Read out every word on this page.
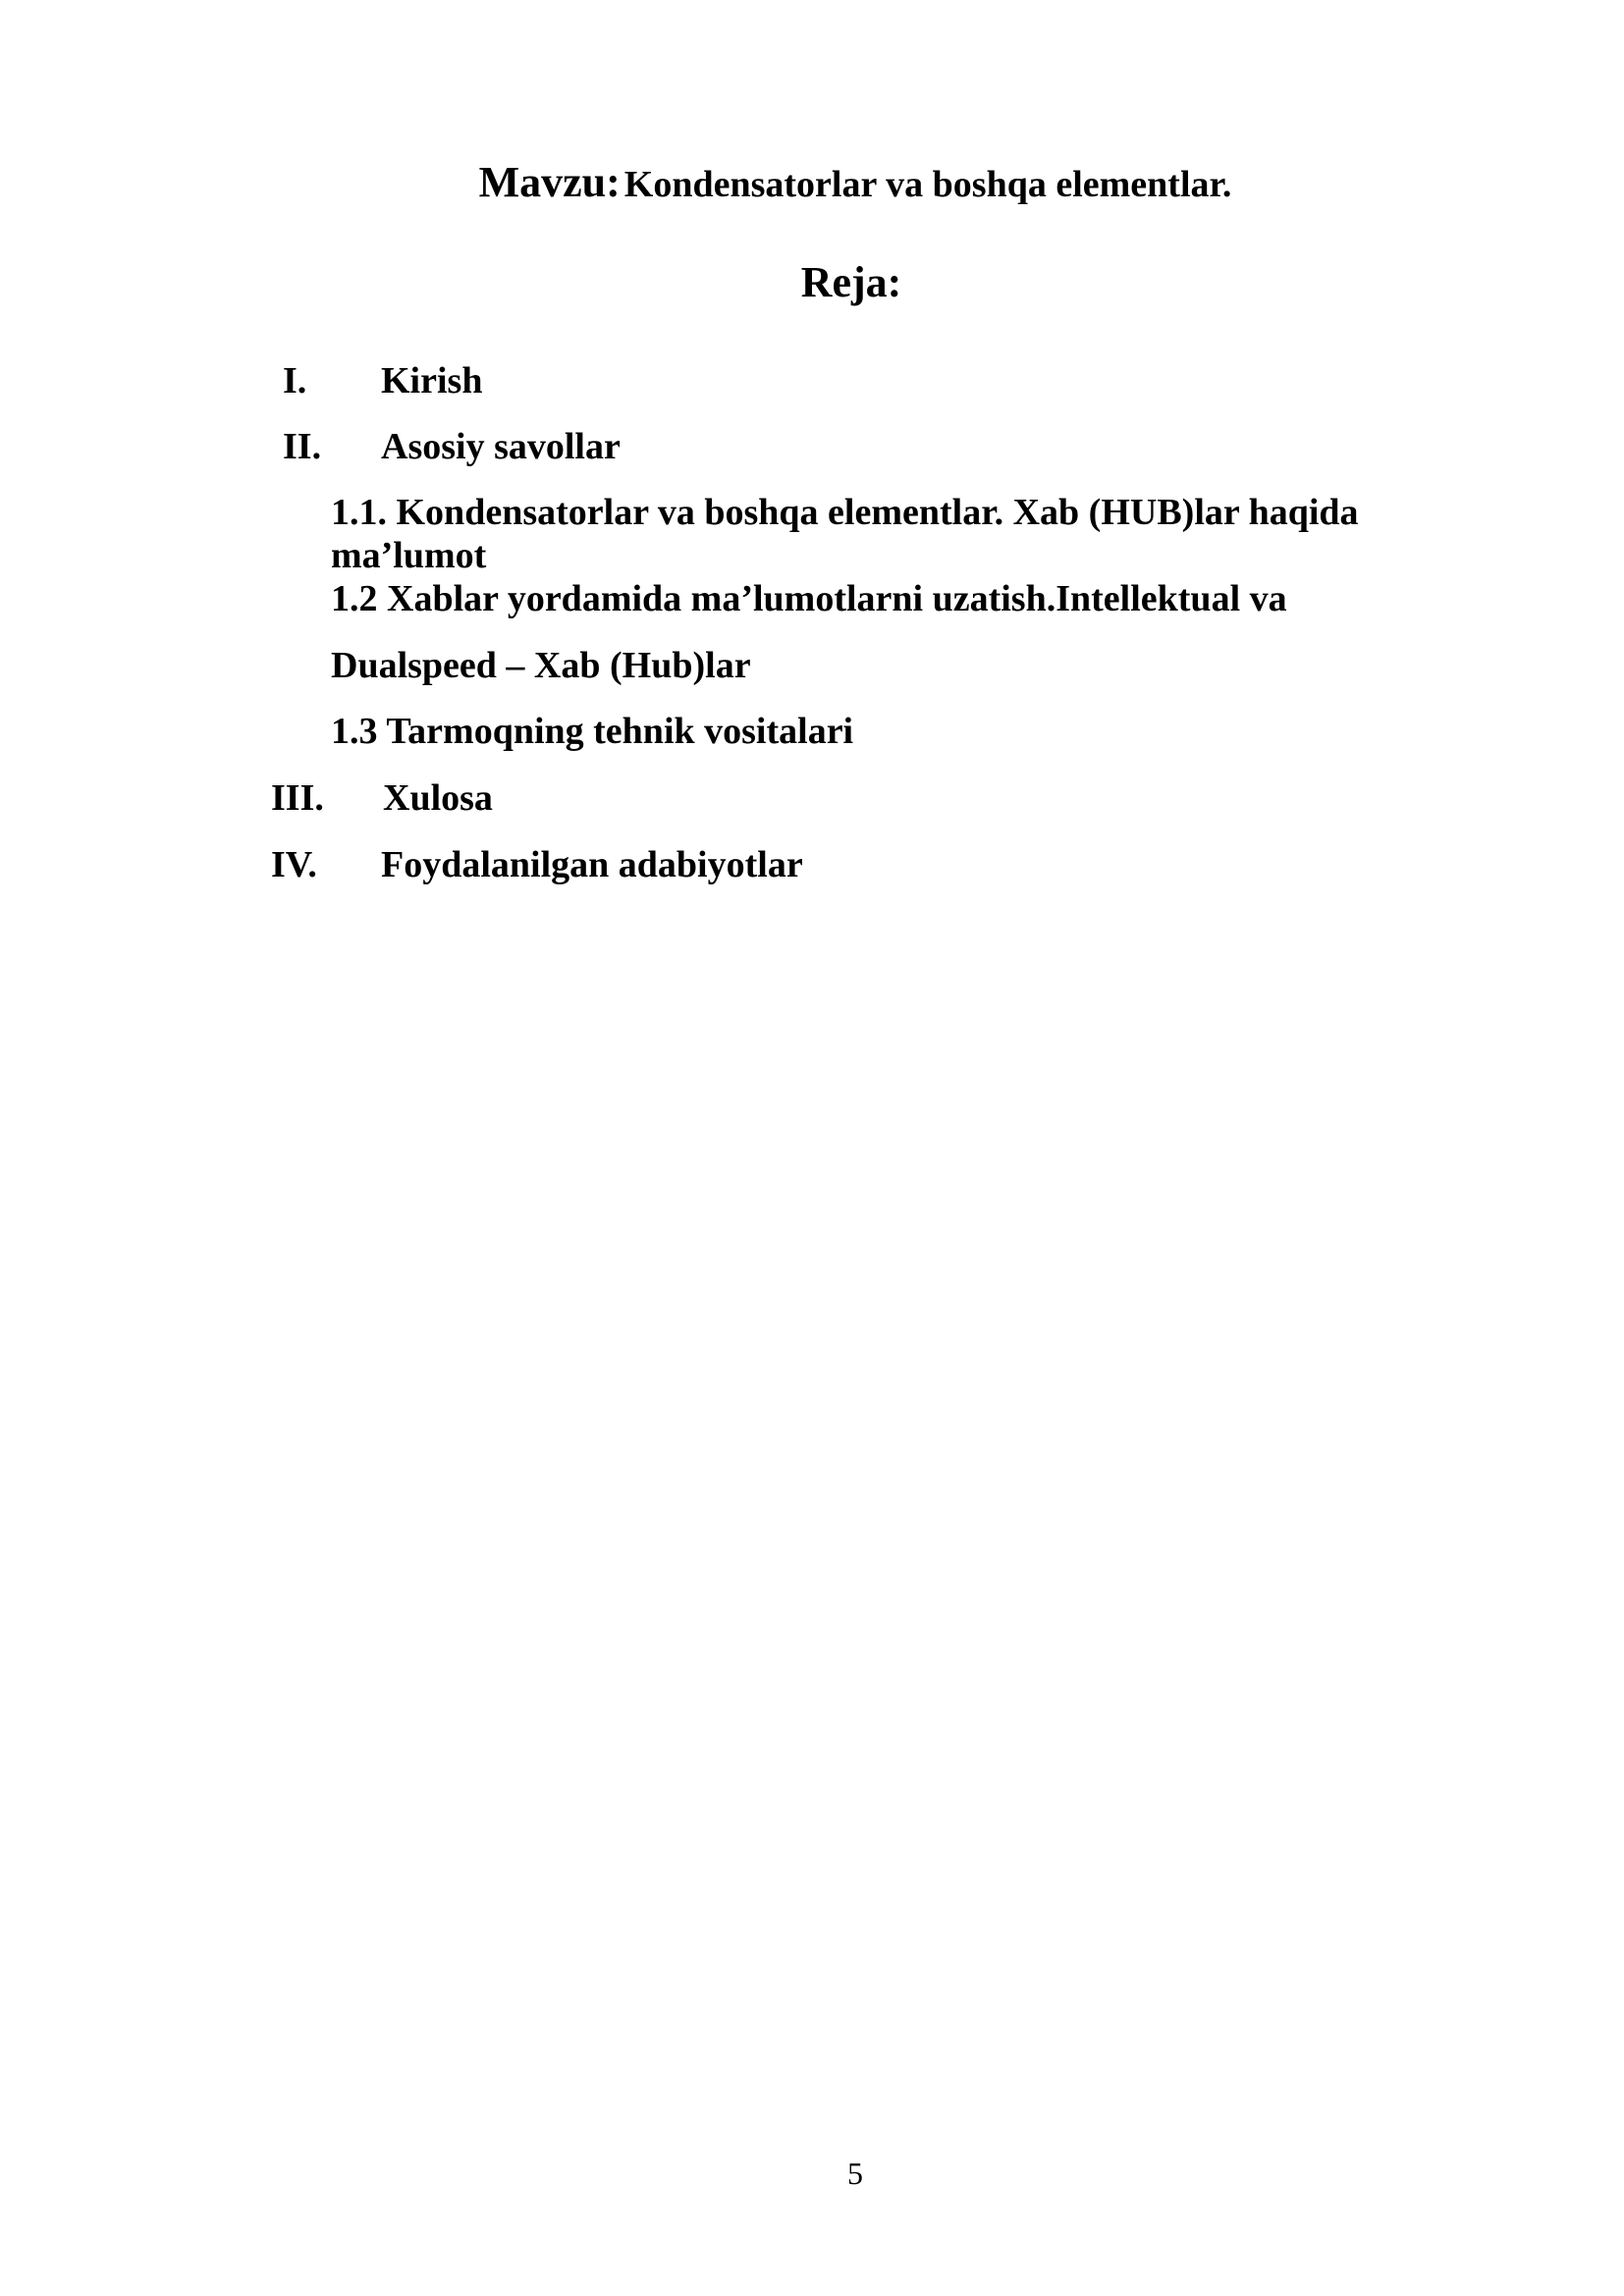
Mavzu: Kondensatorlar va boshqa elementlar.
Reja:
I. Kirish
II. Asosiy savollar
1.1. Kondensatorlar va boshqa elementlar. Xab (HUB)lar haqida
ma’lumot
1.2 Xablar yordamida ma’lumotlarni uzatish.Intellektual va
Dualspeed – Xab (Hub)lar
1.3 Tarmoqning tehnik vositalari
III. Xulosa
IV. Foydalanilgan adabiyotlar
5
